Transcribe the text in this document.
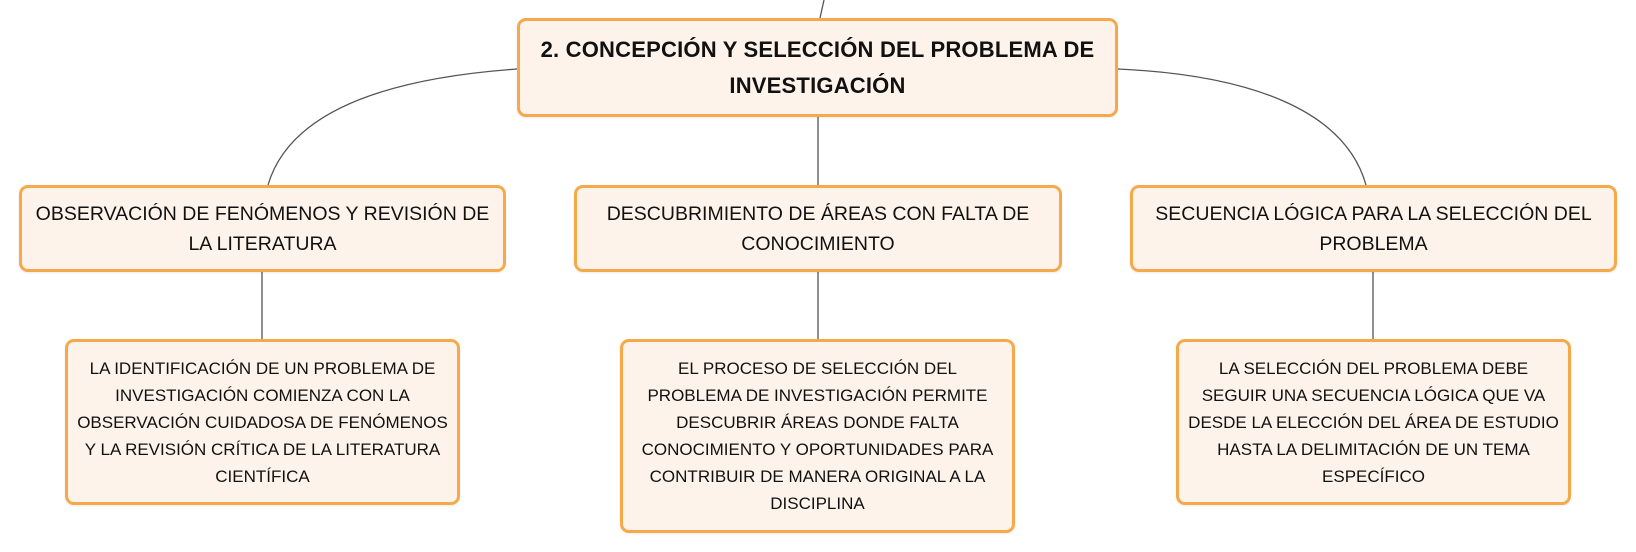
2. CONCEPCIÓN Y SELECCIÓN DEL PROBLEMA DE INVESTIGACIÓN
OBSERVACIÓN DE FENÓMENOS Y REVISIÓN DE LA LITERATURA
DESCUBRIMIENTO DE ÁREAS CON FALTA DE CONOCIMIENTO
SECUENCIA LÓGICA PARA LA SELECCIÓN DEL PROBLEMA
LA IDENTIFICACIÓN DE UN PROBLEMA DE INVESTIGACIÓN COMIENZA CON LA OBSERVACIÓN CUIDADOSA DE FENÓMENOS Y LA REVISIÓN CRÍTICA DE LA LITERATURA CIENTÍFICA
EL PROCESO DE SELECCIÓN DEL PROBLEMA DE INVESTIGACIÓN PERMITE DESCUBRIR ÁREAS DONDE FALTA CONOCIMIENTO Y OPORTUNIDADES PARA CONTRIBUIR DE MANERA ORIGINAL A LA DISCIPLINA
LA SELECCIÓN DEL PROBLEMA DEBE SEGUIR UNA SECUENCIA LÓGICA QUE VA DESDE LA ELECCIÓN DEL ÁREA DE ESTUDIO HASTA LA DELIMITACIÓN DE UN TEMA ESPECÍFICO
